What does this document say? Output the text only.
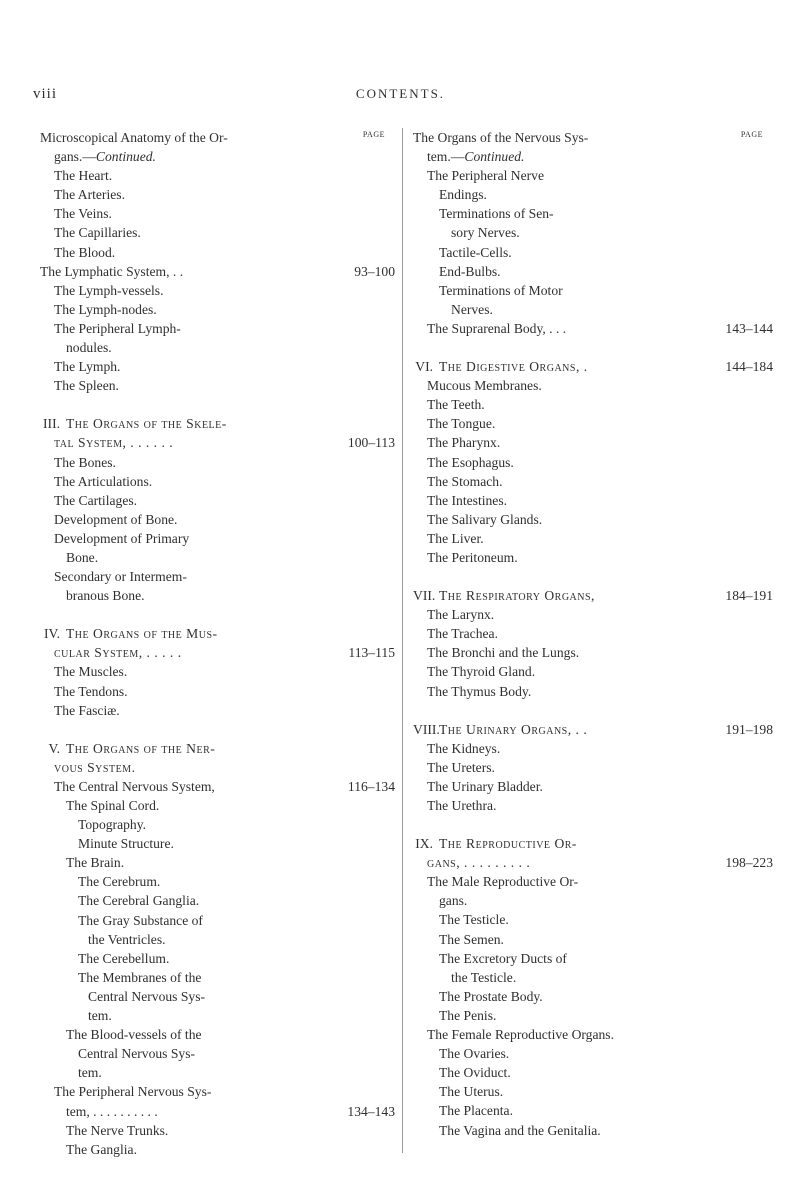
viii	CONTENTS.
PAGE
Microscopical Anatomy of the Or-
gans.—Continued.
The Heart.
The Arteries.
The Veins.
The Capillaries.
The Blood.
The Lymphatic System, . .	93–100
The Lymph-vessels.
The Lymph-nodes.
The Peripheral Lymph-
nodules.
The Lymph.
The Spleen.
III. The Organs of the Skele-
tal System, . . . . . .	100–113
The Bones.
The Articulations.
The Cartilages.
Development of Bone.
Development of Primary
Bone.
Secondary or Intermem-
branous Bone.
IV. The Organs of the Mus-
cular System, . . . . .	113–115
The Muscles.
The Tendons.
The Fasciæ.
V. The Organs of the Ner-
vous System.
The Central Nervous System,	116–134
The Spinal Cord.
Topography.
Minute Structure.
The Brain.
The Cerebrum.
The Cerebral Ganglia.
The Gray Substance of
the Ventricles.
The Cerebellum.
The Membranes of the
Central Nervous Sys-
tem.
The Blood-vessels of the
Central Nervous Sys-
tem.
The Peripheral Nervous Sys-
tem, . . . . . . . . . .	134–143
The Nerve Trunks.
The Ganglia.
PAGE
The Organs of the Nervous Sys-
tem.—Continued.
The Peripheral Nerve
Endings.
Terminations of Sen-
sory Nerves.
Tactile-Cells.
End-Bulbs.
Terminations of Motor
Nerves.
The Suprarenal Body, . . .	143–144
VI. The Digestive Organs, .	144–184
Mucous Membranes.
The Teeth.
The Tongue.
The Pharynx.
The Esophagus.
The Stomach.
The Intestines.
The Salivary Glands.
The Liver.
The Peritoneum.
VII. The Respiratory Organs,	184–191
The Larynx.
The Trachea.
The Bronchi and the Lungs.
The Thyroid Gland.
The Thymus Body.
VIII.The Urinary Organs, . .	191–198
The Kidneys.
The Ureters.
The Urinary Bladder.
The Urethra.
IX. The Reproductive Or-
gans, . . . . . . . . .	198–223
The Male Reproductive Or-
gans.
The Testicle.
The Semen.
The Excretory Ducts of
the Testicle.
The Prostate Body.
The Penis.
The Female Reproductive Organs.
The Ovaries.
The Oviduct.
The Uterus.
The Placenta.
The Vagina and the Genitalia.
